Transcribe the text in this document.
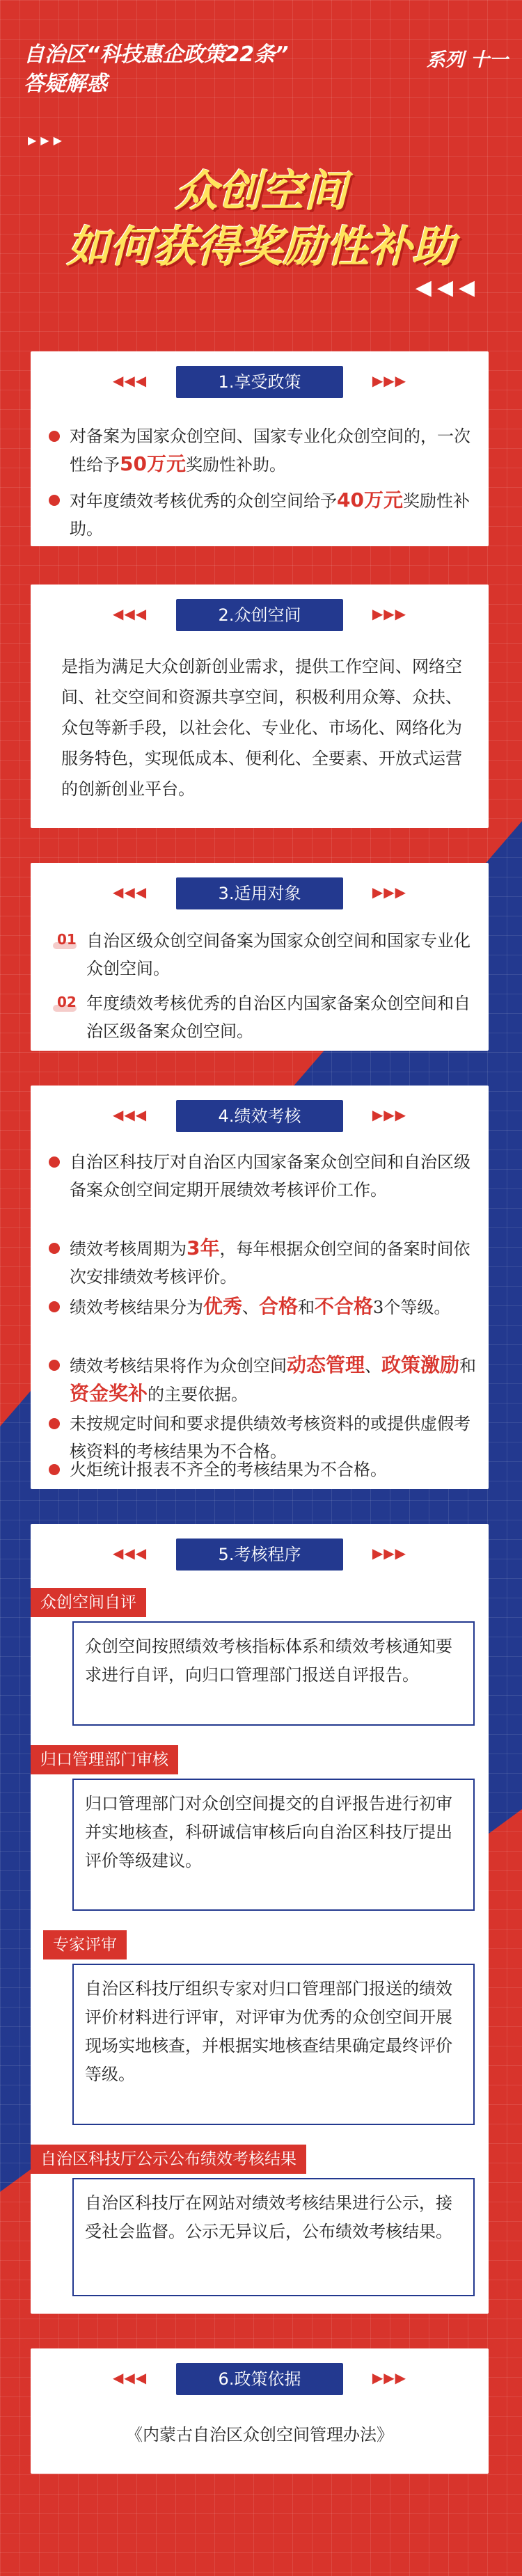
自治区“科技惠企政策22条”
答疑解惑
系列 十一
▶▶▶
众创空间
如何获得奖励性补助
◀◀◀
◀◀◀	1.享受政策	▶▶▶
对备案为国家众创空间、国家专业化众创空间的，一次性给予50万元奖励性补助。
对年度绩效考核优秀的众创空间给予40万元奖励性补助。
◀◀◀	2.众创空间	▶▶▶
是指为满足大众创新创业需求，提供工作空间、网络空间、社交空间和资源共享空间，积极利用众筹、众扶、众包等新手段，以社会化、专业化、市场化、网络化为服务特色，实现低成本、便利化、全要素、开放式运营的创新创业平台。
◀◀◀	3.适用对象	▶▶▶
01 自治区级众创空间备案为国家众创空间和国家专业化众创空间。
02 年度绩效考核优秀的自治区内国家备案众创空间和自治区级备案众创空间。
◀◀◀	4.绩效考核	▶▶▶
自治区科技厅对自治区内国家备案众创空间和自治区级备案众创空间定期开展绩效考核评价工作。
绩效考核周期为3年，每年根据众创空间的备案时间依次安排绩效考核评价。
绩效考核结果分为优秀、合格和不合格3个等级。
绩效考核结果将作为众创空间动态管理、政策激励和资金奖补的主要依据。
未按规定时间和要求提供绩效考核资料的或提供虚假考核资料的考核结果为不合格。
火炬统计报表不齐全的考核结果为不合格。
◀◀◀	5.考核程序	▶▶▶
众创空间自评
众创空间按照绩效考核指标体系和绩效考核通知要求进行自评，向归口管理部门报送自评报告。
归口管理部门审核
归口管理部门对众创空间提交的自评报告进行初审并实地核查，科研诚信审核后向自治区科技厅提出评价等级建议。
专家评审
自治区科技厅组织专家对归口管理部门报送的绩效评价材料进行评审，对评审为优秀的众创空间开展现场实地核查，并根据实地核查结果确定最终评价等级。
自治区科技厅公示公布绩效考核结果
自治区科技厅在网站对绩效考核结果进行公示，接受社会监督。公示无异议后，公布绩效考核结果。
◀◀◀	6.政策依据	▶▶▶
《内蒙古自治区众创空间管理办法》
